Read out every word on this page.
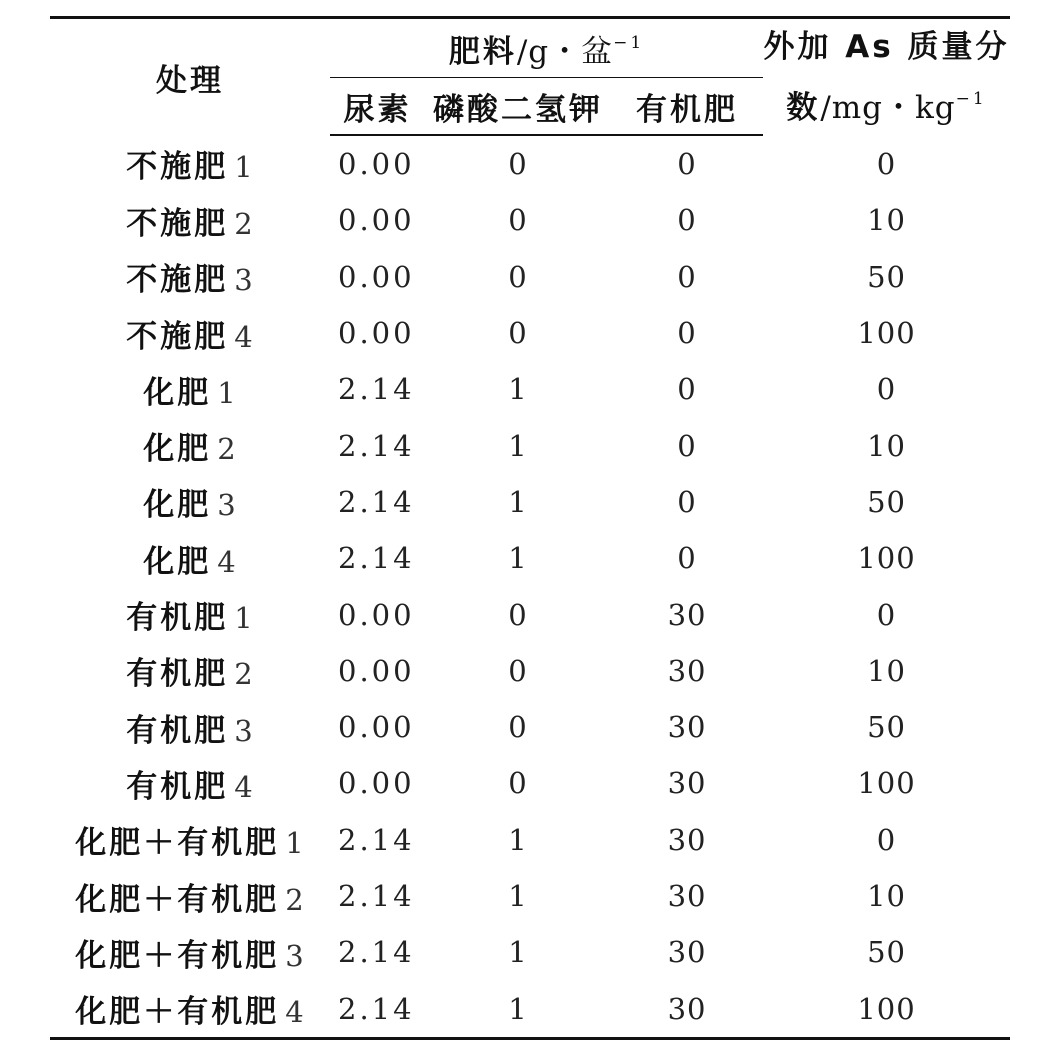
处理	肥料/g・盆$^{-1}$			外加 As 质量分
数/mg・$kg^{-1}$

	尿素	磷酸二氢钾	有机肥	
不施肥 1	0.00	0	0	0
不施肥 2	0.00	0	0	10
不施肥 3	0.00	0	0	50
不施肥 4	0.00	0	0	100
化肥 1	2.14	1	0	0
化肥 2	2.14	1	0	10
化肥 3	2.14	1	0	50
化肥 4	2.14	1	0	100
有机肥 1	0.00	0	30	0
有机肥 2	0.00	0	30	10
有机肥 3	0.00	0	30	50
有机肥 4	0.00	0	30	100
化肥＋有机肥 1	2.14	1	30	0
化肥＋有机肥 2	2.14	1	30	10
化肥＋有机肥 3	2.14	1	30	50
化肥＋有机肥 4	2.14	1	30	100
